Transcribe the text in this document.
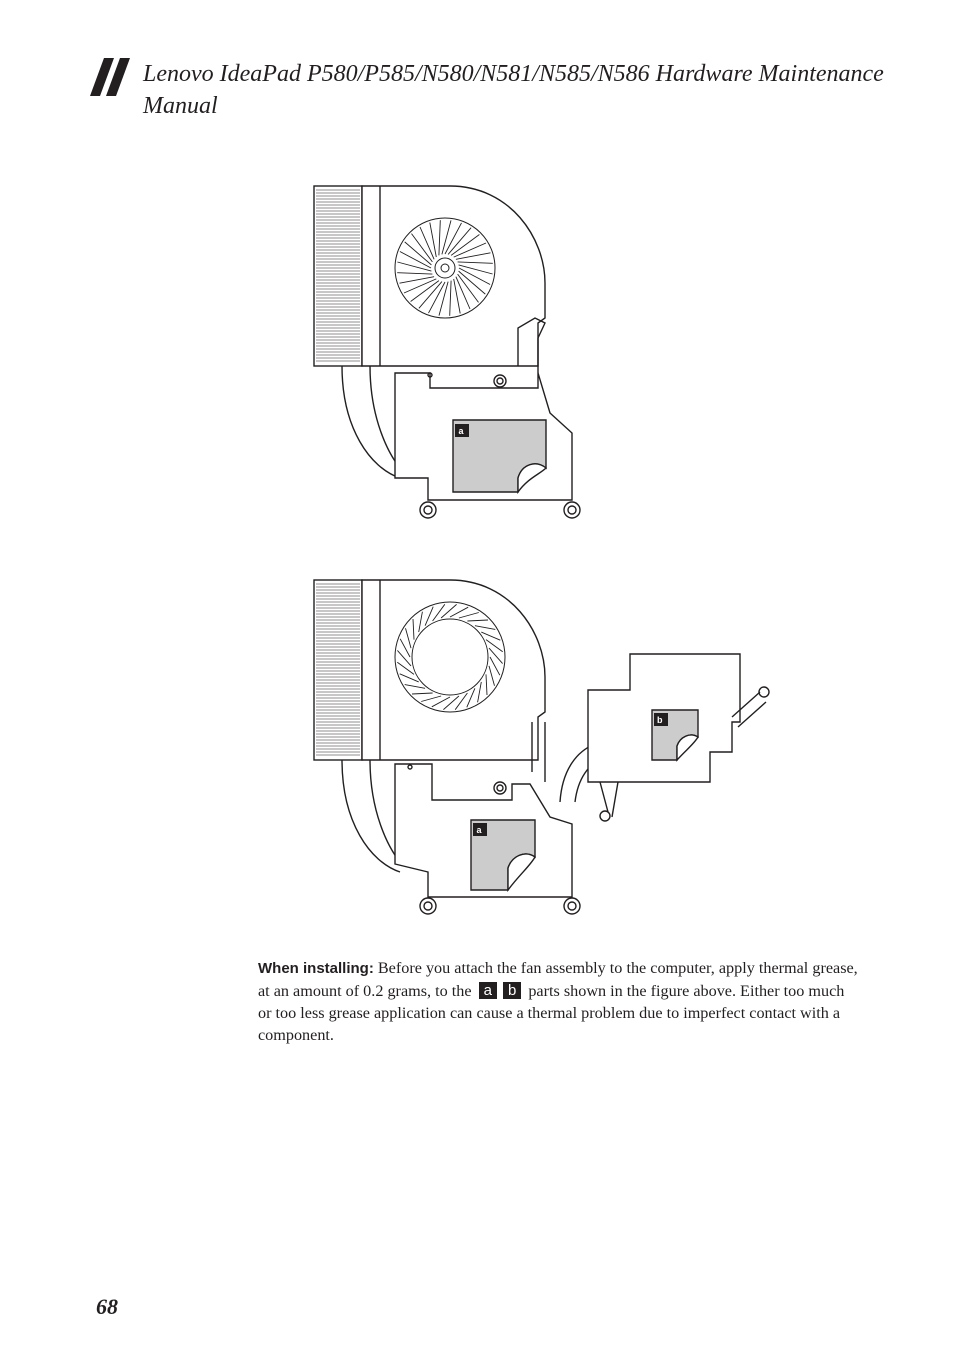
Lenovo IdeaPad P580/P585/N580/N581/N585/N586 Hardware Maintenance Manual
a
a
b
When installing: Before you attach the fan assembly to the computer, apply thermal grease, at an amount of 0.2 grams, to the a b parts shown in the figure above. Either too much or too less grease application can cause a thermal problem due to imperfect contact with a component.
68
